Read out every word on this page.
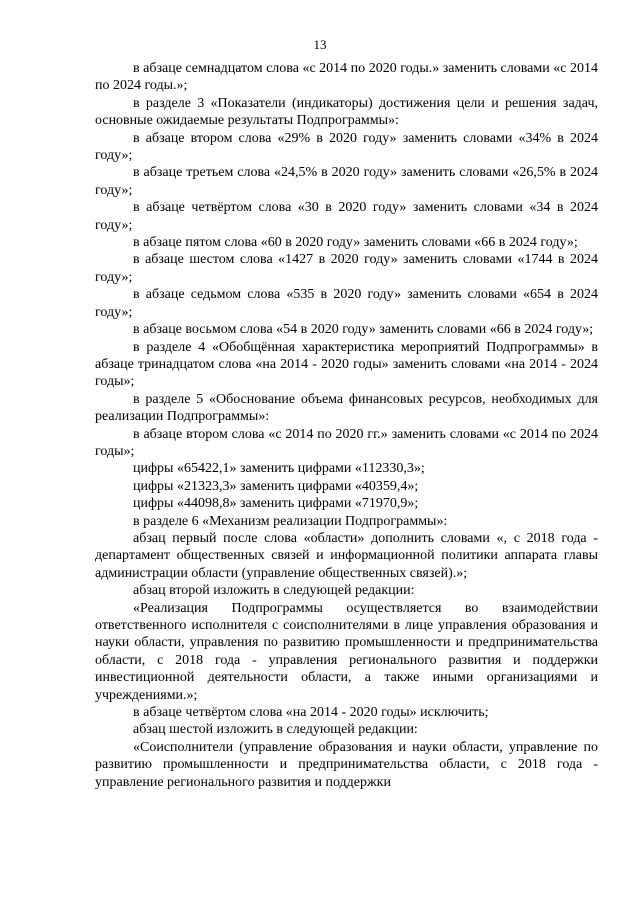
13

в абзаце семнадцатом слова «с 2014 по 2020 годы.» заменить словами «с 2014 по 2024 годы.»;

в разделе 3 «Показатели (индикаторы) достижения цели и решения задач, основные ожидаемые результаты Подпрограммы»:

в абзаце втором слова «29% в 2020 году» заменить словами «34% в 2024 году»;

в абзаце третьем слова «24,5% в 2020 году» заменить словами «26,5% в 2024 году»;

в абзаце четвёртом слова «30 в 2020 году» заменить словами «34 в 2024 году»;

в абзаце пятом слова «60 в 2020 году» заменить словами «66 в 2024 году»;

в абзаце шестом слова «1427 в 2020 году» заменить словами «1744 в 2024 году»;

в абзаце седьмом слова «535 в 2020 году» заменить словами «654 в 2024 году»;

в абзаце восьмом слова «54 в 2020 году» заменить словами «66 в 2024 году»;

в разделе 4 «Обобщённая характеристика мероприятий Подпрограммы» в абзаце тринадцатом слова «на 2014 - 2020 годы» заменить словами «на 2014 - 2024 годы»;

в разделе 5 «Обоснование объема финансовых ресурсов, необходимых для реализации Подпрограммы»:

в абзаце втором слова «с 2014 по 2020 гг.» заменить словами «с 2014 по 2024 годы»;

цифры «65422,1» заменить цифрами «112330,3»;

цифры «21323,3» заменить цифрами «40359,4»;

цифры «44098,8» заменить цифрами «71970,9»;

в разделе 6 «Механизм реализации Подпрограммы»:

абзац первый после слова «области» дополнить словами «, с 2018 года - департамент общественных связей и информационной политики аппарата главы администрации области (управление общественных связей).»;

абзац второй изложить в следующей редакции:

«Реализация Подпрограммы осуществляется во взаимодействии ответственного исполнителя с соисполнителями в лице управления образования и науки области, управления по развитию промышленности и предпринимательства области, с 2018 года - управления регионального развития и поддержки инвестиционной деятельности области, а также иными организациями и учреждениями.»;

в абзаце четвёртом слова «на 2014 - 2020 годы» исключить;

абзац шестой изложить в следующей редакции:

«Соисполнители (управление образования и науки области, управление по развитию промышленности и предпринимательства области, с 2018 года - управление регионального развития и поддержки
